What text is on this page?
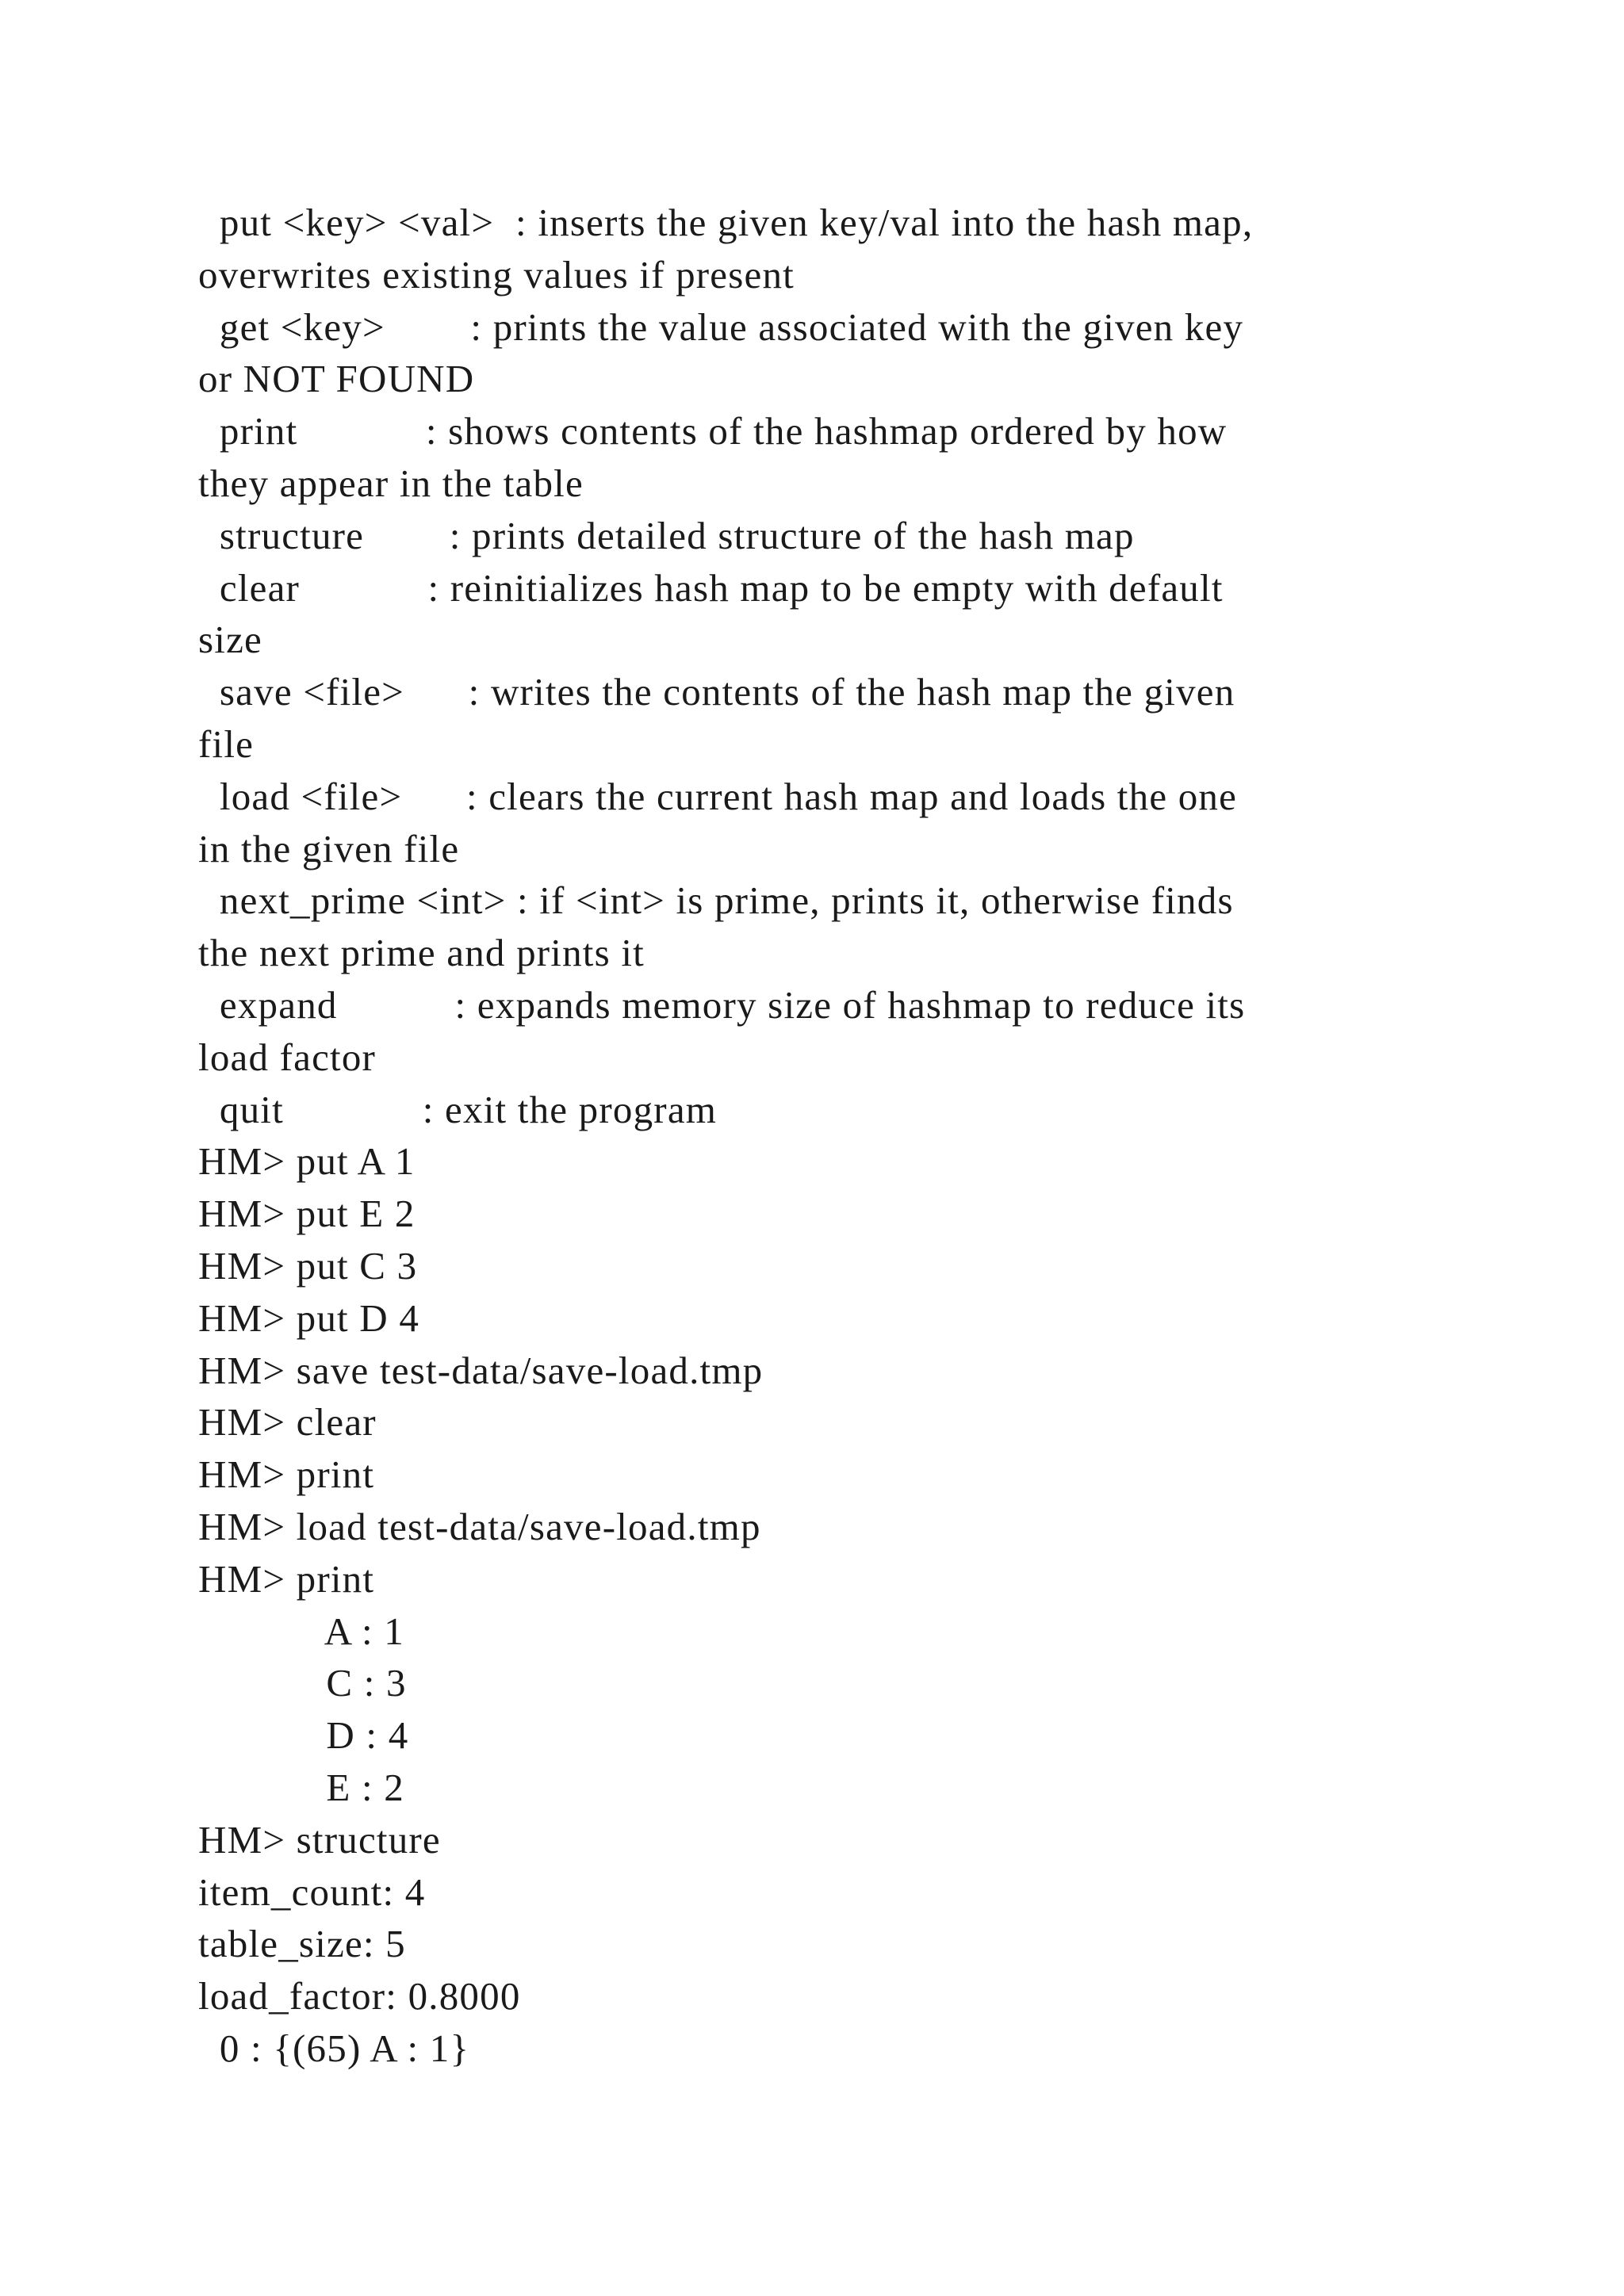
put <key> <val>  : inserts the given key/val into the hash map,
overwrites existing values if present
get <key>        : prints the value associated with the given key
or NOT FOUND
print            : shows contents of the hashmap ordered by how
they appear in the table
structure        : prints detailed structure of the hash map
clear            : reinitializes hash map to be empty with default
size
save <file>      : writes the contents of the hash map the given
file
load <file>      : clears the current hash map and loads the one
in the given file
next_prime <int> : if <int> is prime, prints it, otherwise finds
the next prime and prints it
expand           : expands memory size of hashmap to reduce its
load factor
quit             : exit the program
HM> put A 1
HM> put E 2
HM> put C 3
HM> put D 4
HM> save test-data/save-load.tmp
HM> clear
HM> print
HM> load test-data/save-load.tmp
HM> print
A : 1
C : 3
D : 4
E : 2
HM> structure
item_count: 4
table_size: 5
load_factor: 0.8000
0 : {(65) A : 1}
